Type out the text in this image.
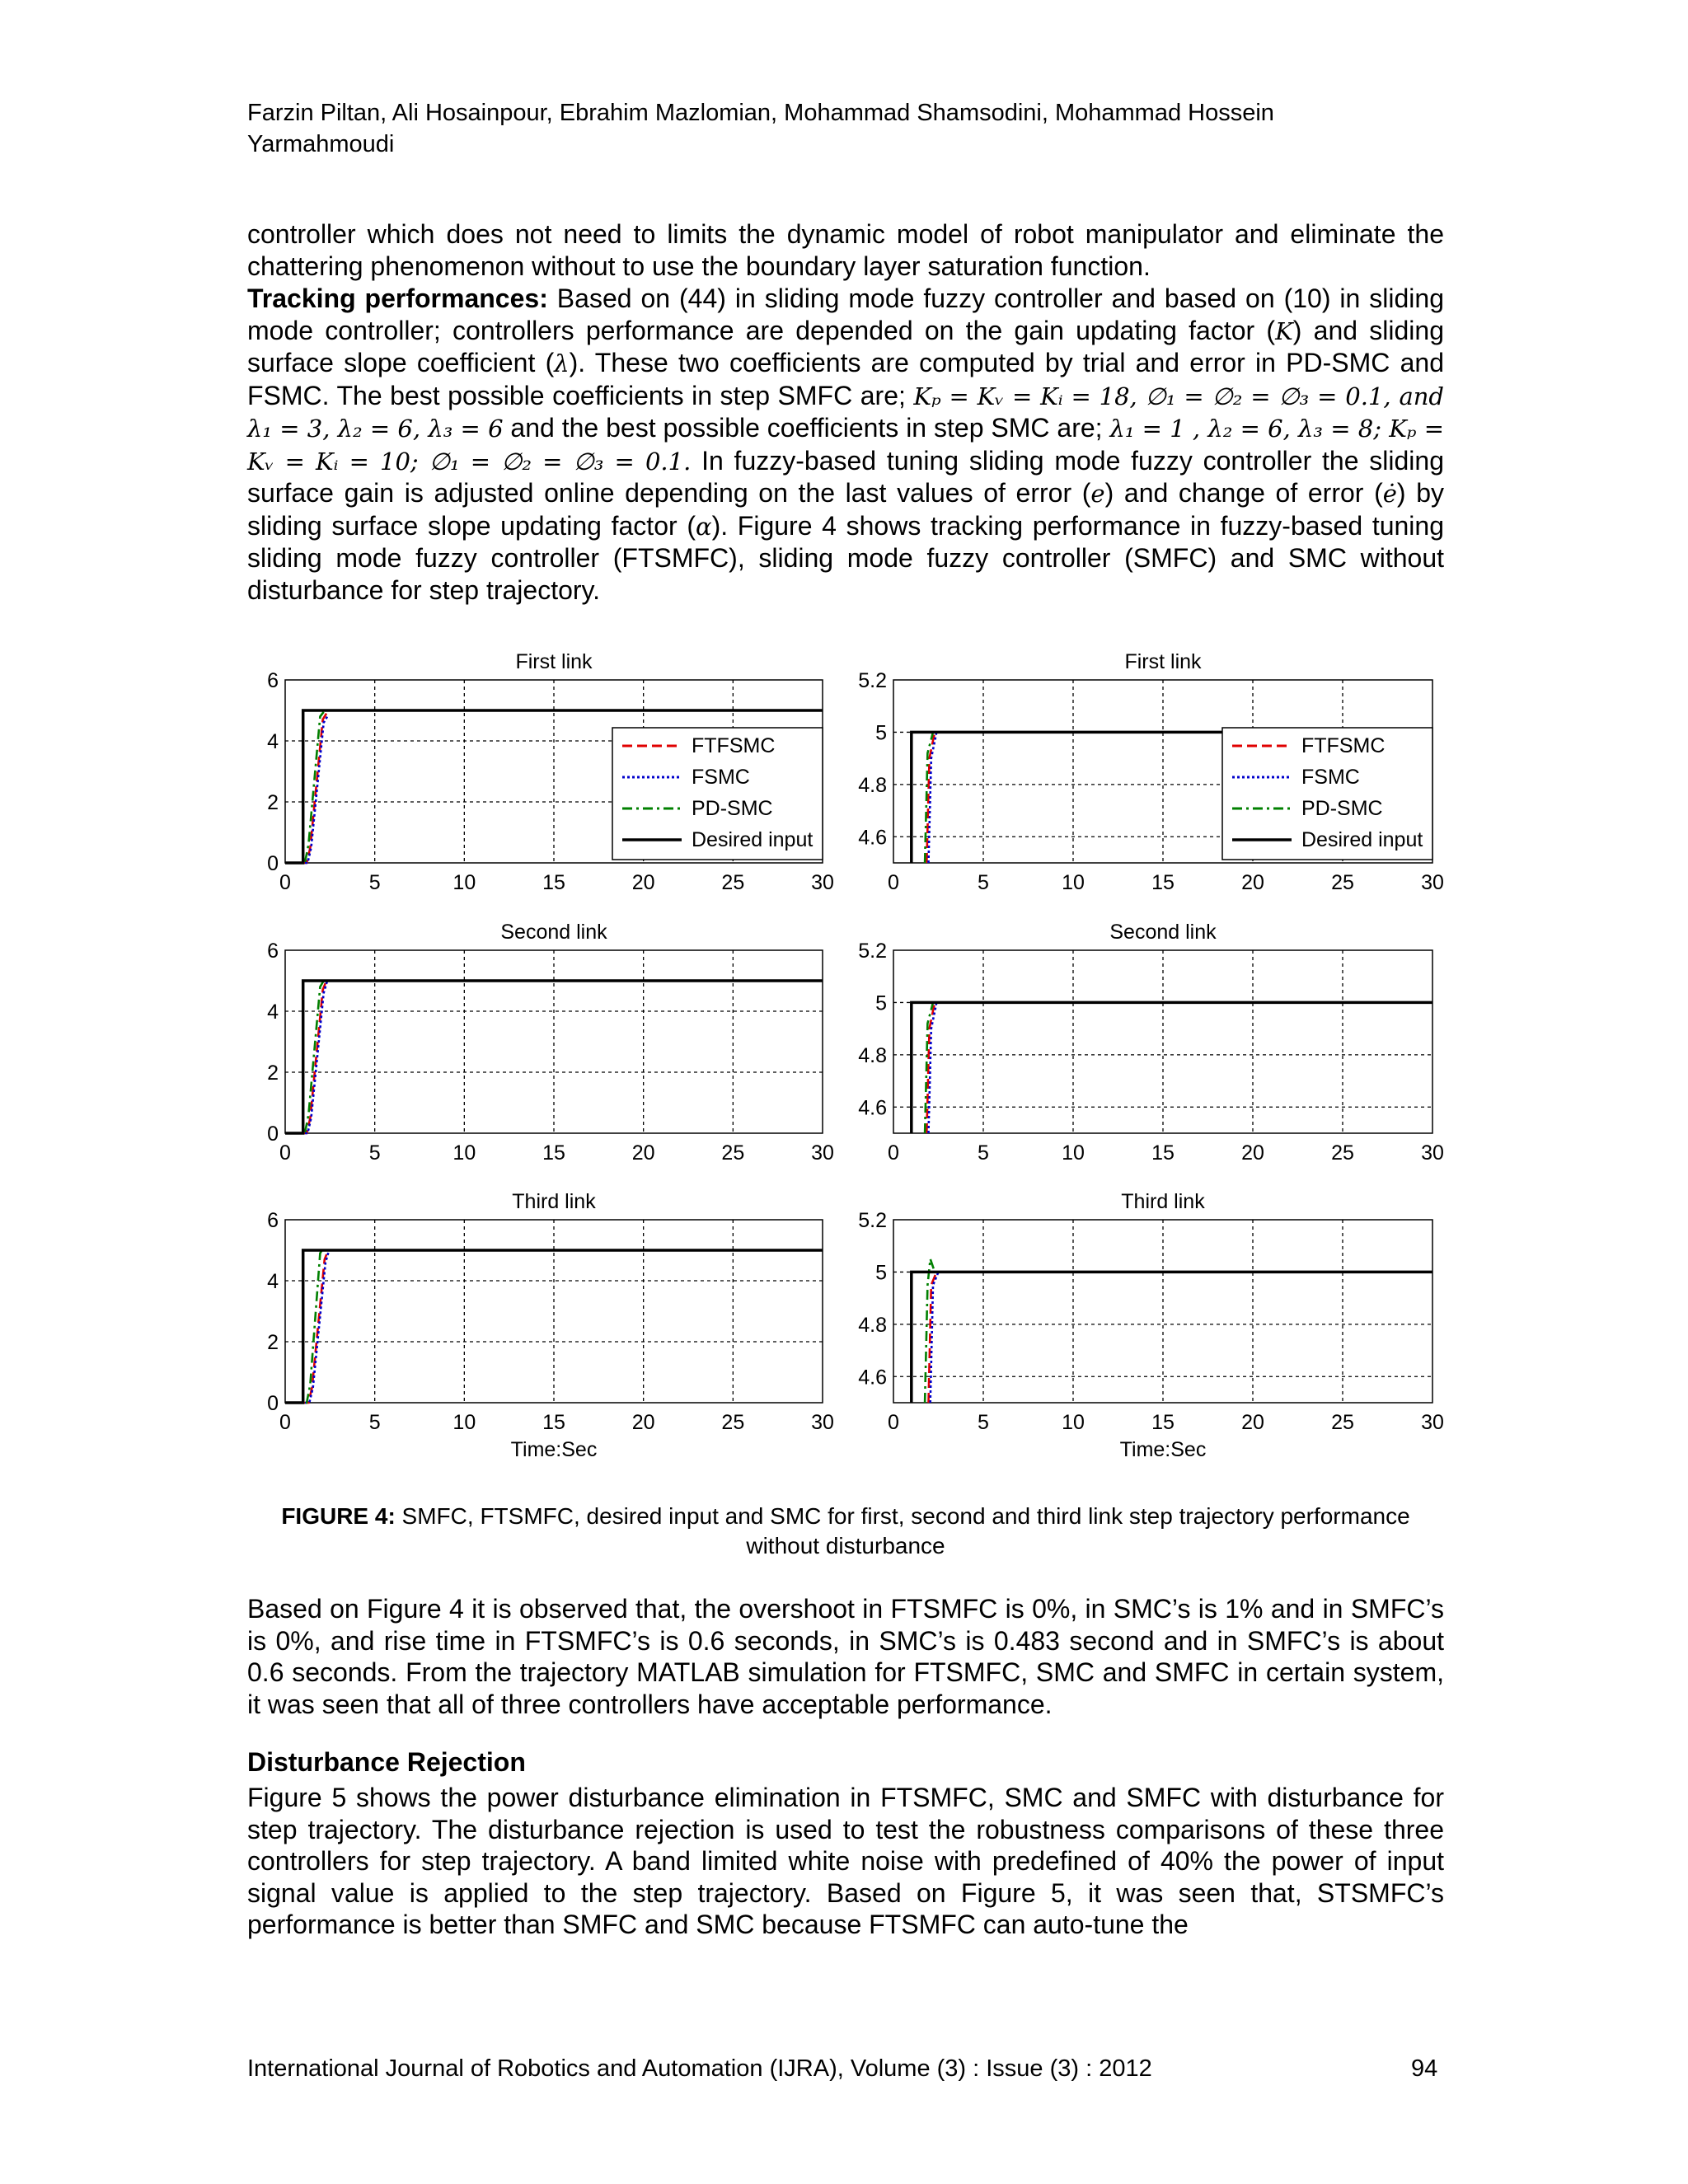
Farzin Piltan, Ali Hosainpour, Ebrahim Mazlomian, Mohammad Shamsodini, Mohammad Hossein
Yarmahmoudi
controller which does not need to limits the dynamic model of robot manipulator and eliminate the chattering phenomenon without to use the boundary layer saturation function.
Tracking performances: Based on (44) in sliding mode fuzzy controller and based on (10) in sliding mode controller; controllers performance are depended on the gain updating factor (K) and sliding surface slope coefficient (λ). These two coefficients are computed by trial and error in PD-SMC and FSMC. The best possible coefficients in step SMFC are; Kₚ = Kᵥ = Kᵢ = 18, ∅₁ = ∅₂ = ∅₃ = 0.1, and λ₁ = 3, λ₂ = 6, λ₃ = 6 and the best possible coefficients in step SMC are; λ₁ = 1 , λ₂ = 6, λ₃ = 8; Kₚ = Kᵥ = Kᵢ = 10; ∅₁ = ∅₂ = ∅₃ = 0.1. In fuzzy-based tuning sliding mode fuzzy controller the sliding surface gain is adjusted online depending on the last values of error (e) and change of error (ė) by sliding surface slope updating factor (α). Figure 4 shows tracking performance in fuzzy-based tuning sliding mode fuzzy controller (FTSMFC), sliding mode fuzzy controller (SMFC) and SMC without disturbance for step trajectory.
0	5	10	15	20	25	30
0
2
4
6
First link
FTFSMC
FSMC
PD-SMC
Desired input
0	5	10	15	20	25	30
4.6
4.8
5
5.2
First link
FTFSMC
FSMC
PD-SMC
Desired input
0	5	10	15	20	25	30
0
2
4
6
Second link
0	5	10	15	20	25	30
4.6
4.8
5
5.2
Second link
0	5	10	15	20	25	30
0
2
4
6
Third link
Time:Sec
0	5	10	15	20	25	30
4.6
4.8
5
5.2
Third link
Time:Sec
FIGURE 4: SMFC, FTSMFC, desired input and SMC for first, second and third link step trajectory performance without disturbance
Based on Figure 4 it is observed that, the overshoot in FTSMFC is 0%, in SMC’s is 1% and in SMFC’s is 0%, and rise time in FTSMFC’s is 0.6 seconds, in SMC’s is 0.483 second and in SMFC’s is about 0.6 seconds. From the trajectory MATLAB simulation for FTSMFC, SMC and SMFC in certain system, it was seen that all of three controllers have acceptable performance.
Disturbance Rejection
Figure 5 shows the power disturbance elimination in FTSMFC, SMC and SMFC with disturbance for step trajectory. The disturbance rejection is used to test the robustness comparisons of these three controllers for step trajectory. A band limited white noise with predefined of 40% the power of input signal value is applied to the step trajectory. Based on Figure 5, it was seen that, STSMFC’s performance is better than SMFC and SMC because FTSMFC can auto-tune the
International Journal of Robotics and Automation (IJRA), Volume (3) : Issue (3) : 2012	94
